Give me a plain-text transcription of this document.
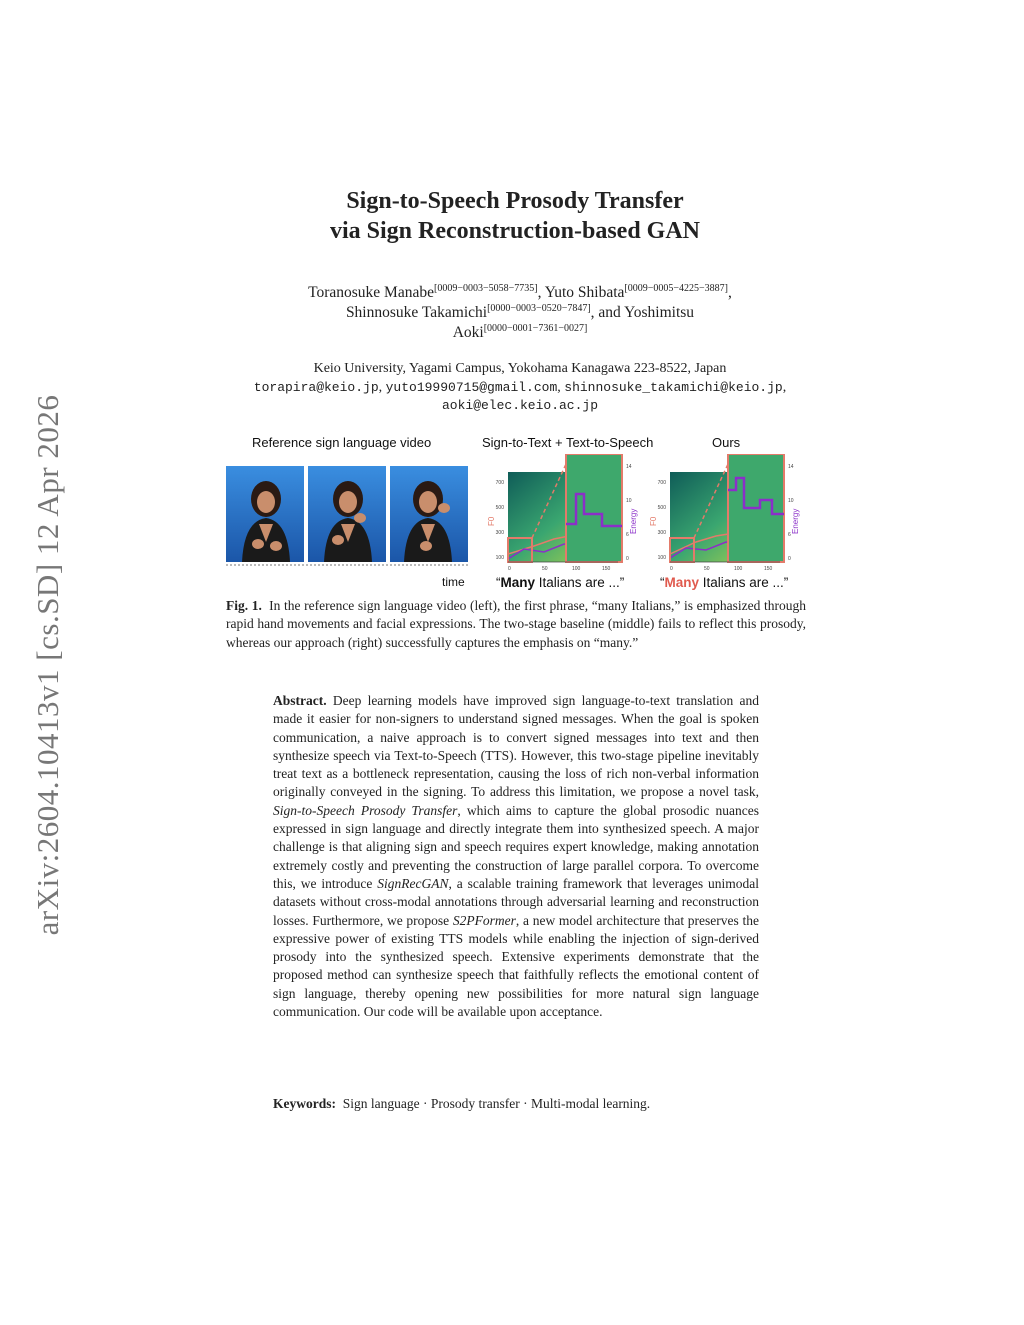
arXiv:2604.10413v1 [cs.SD] 12 Apr 2026
Sign-to-Speech Prosody Transfer
via Sign Reconstruction-based GAN
Toranosuke Manabe[0009−0003−5058−7735], Yuto Shibata[0009−0005−4225−3887],
Shinnosuke Takamichi[0000−0003−0520−7847], and Yoshimitsu
Aoki[0000−0001−7361−0027]
Keio University, Yagami Campus, Yokohama Kanagawa 223-8522, Japan
torapira@keio.jp, yuto19990715@gmail.com, shinnosuke_takamichi@keio.jp,
aoki@elec.keio.ac.jp
Reference sign language video	Sign-to-Text + Text-to-Speech	Ours
time
F0	Energy
700
500
300
100
14
10
6
0
0	50	100	150
F0	Energy
700
500
300
100
14
10
6
0
0	50	100	150
“Many Italians are ...”	“Many Italians are ...”
Fig. 1. In the reference sign language video (left), the first phrase, “many Italians,” is emphasized through rapid hand movements and facial expressions. The two-stage baseline (middle) fails to reflect this prosody, whereas our approach (right) successfully captures the emphasis on “many.”
Abstract. Deep learning models have improved sign language-to-text translation and made it easier for non-signers to understand signed messages. When the goal is spoken communication, a naive approach is to convert signed messages into text and then synthesize speech via Text-to-Speech (TTS). However, this two-stage pipeline inevitably treat text as a bottleneck representation, causing the loss of rich non-verbal information originally conveyed in the signing. To address this limitation, we propose a novel task, Sign-to-Speech Prosody Transfer, which aims to capture the global prosodic nuances expressed in sign language and directly integrate them into synthesized speech. A major challenge is that aligning sign and speech requires expert knowledge, making annotation extremely costly and preventing the construction of large parallel corpora. To overcome this, we introduce SignRecGAN, a scalable training framework that leverages unimodal datasets without cross-modal annotations through adversarial learning and reconstruction losses. Furthermore, we propose S2PFormer, a new model architecture that preserves the expressive power of existing TTS models while enabling the injection of sign-derived prosody into the synthesized speech. Extensive experiments demonstrate that the proposed method can synthesize speech that faithfully reflects the emotional content of sign language, thereby opening new possibilities for more natural sign language communication. Our code will be available upon acceptance.
Keywords: Sign language · Prosody transfer · Multi-modal learning.
